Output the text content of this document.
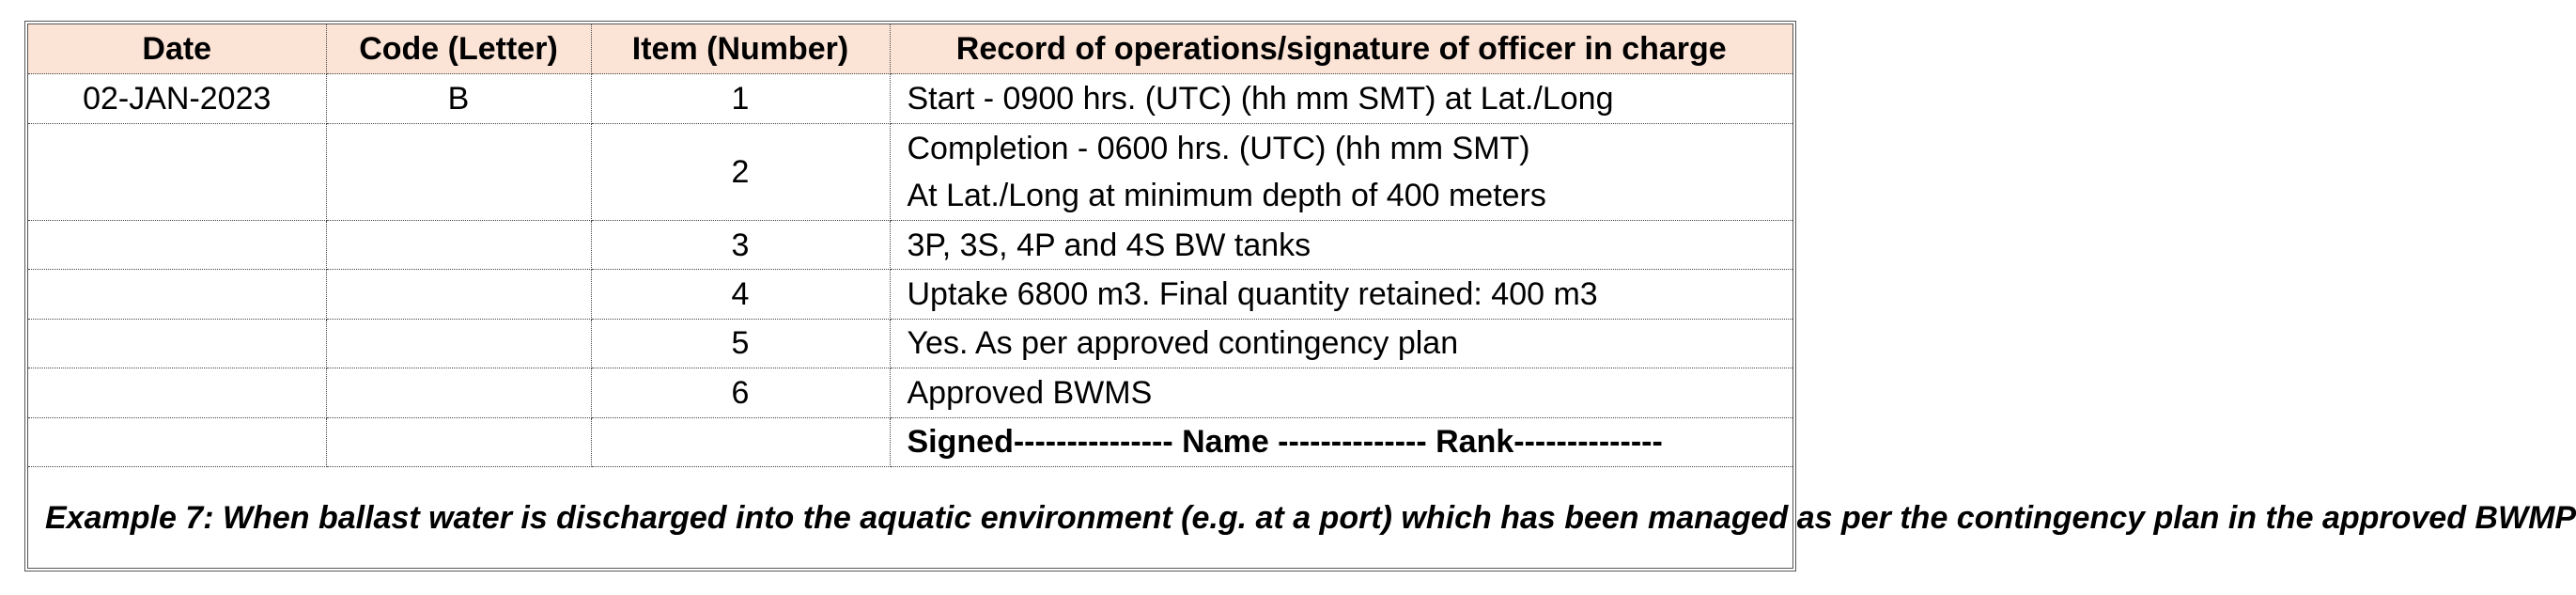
Date	Code (Letter)	Item (Number)	Record of operations/signature of officer in charge
02-JAN-2023	B	1	Start - 0900 hrs. (UTC) (hh mm SMT) at Lat./Long

		2	Completion - 0600 hrs. (UTC) (hh mm SMT)
At Lat./Long at minimum depth of 400 meters

		3	3P, 3S, 4P and 4S BW tanks

		4	Uptake 6800 m3. Final quantity retained: 400 m3

		5	Yes. As per approved contingency plan

		6	Approved BWMS

			Signed--------------- Name -------------- Rank--------------
Example 7: When ballast water is discharged into the aquatic environment (e.g. at a port) which has been managed as per the contingency plan in the approved BWMP			
